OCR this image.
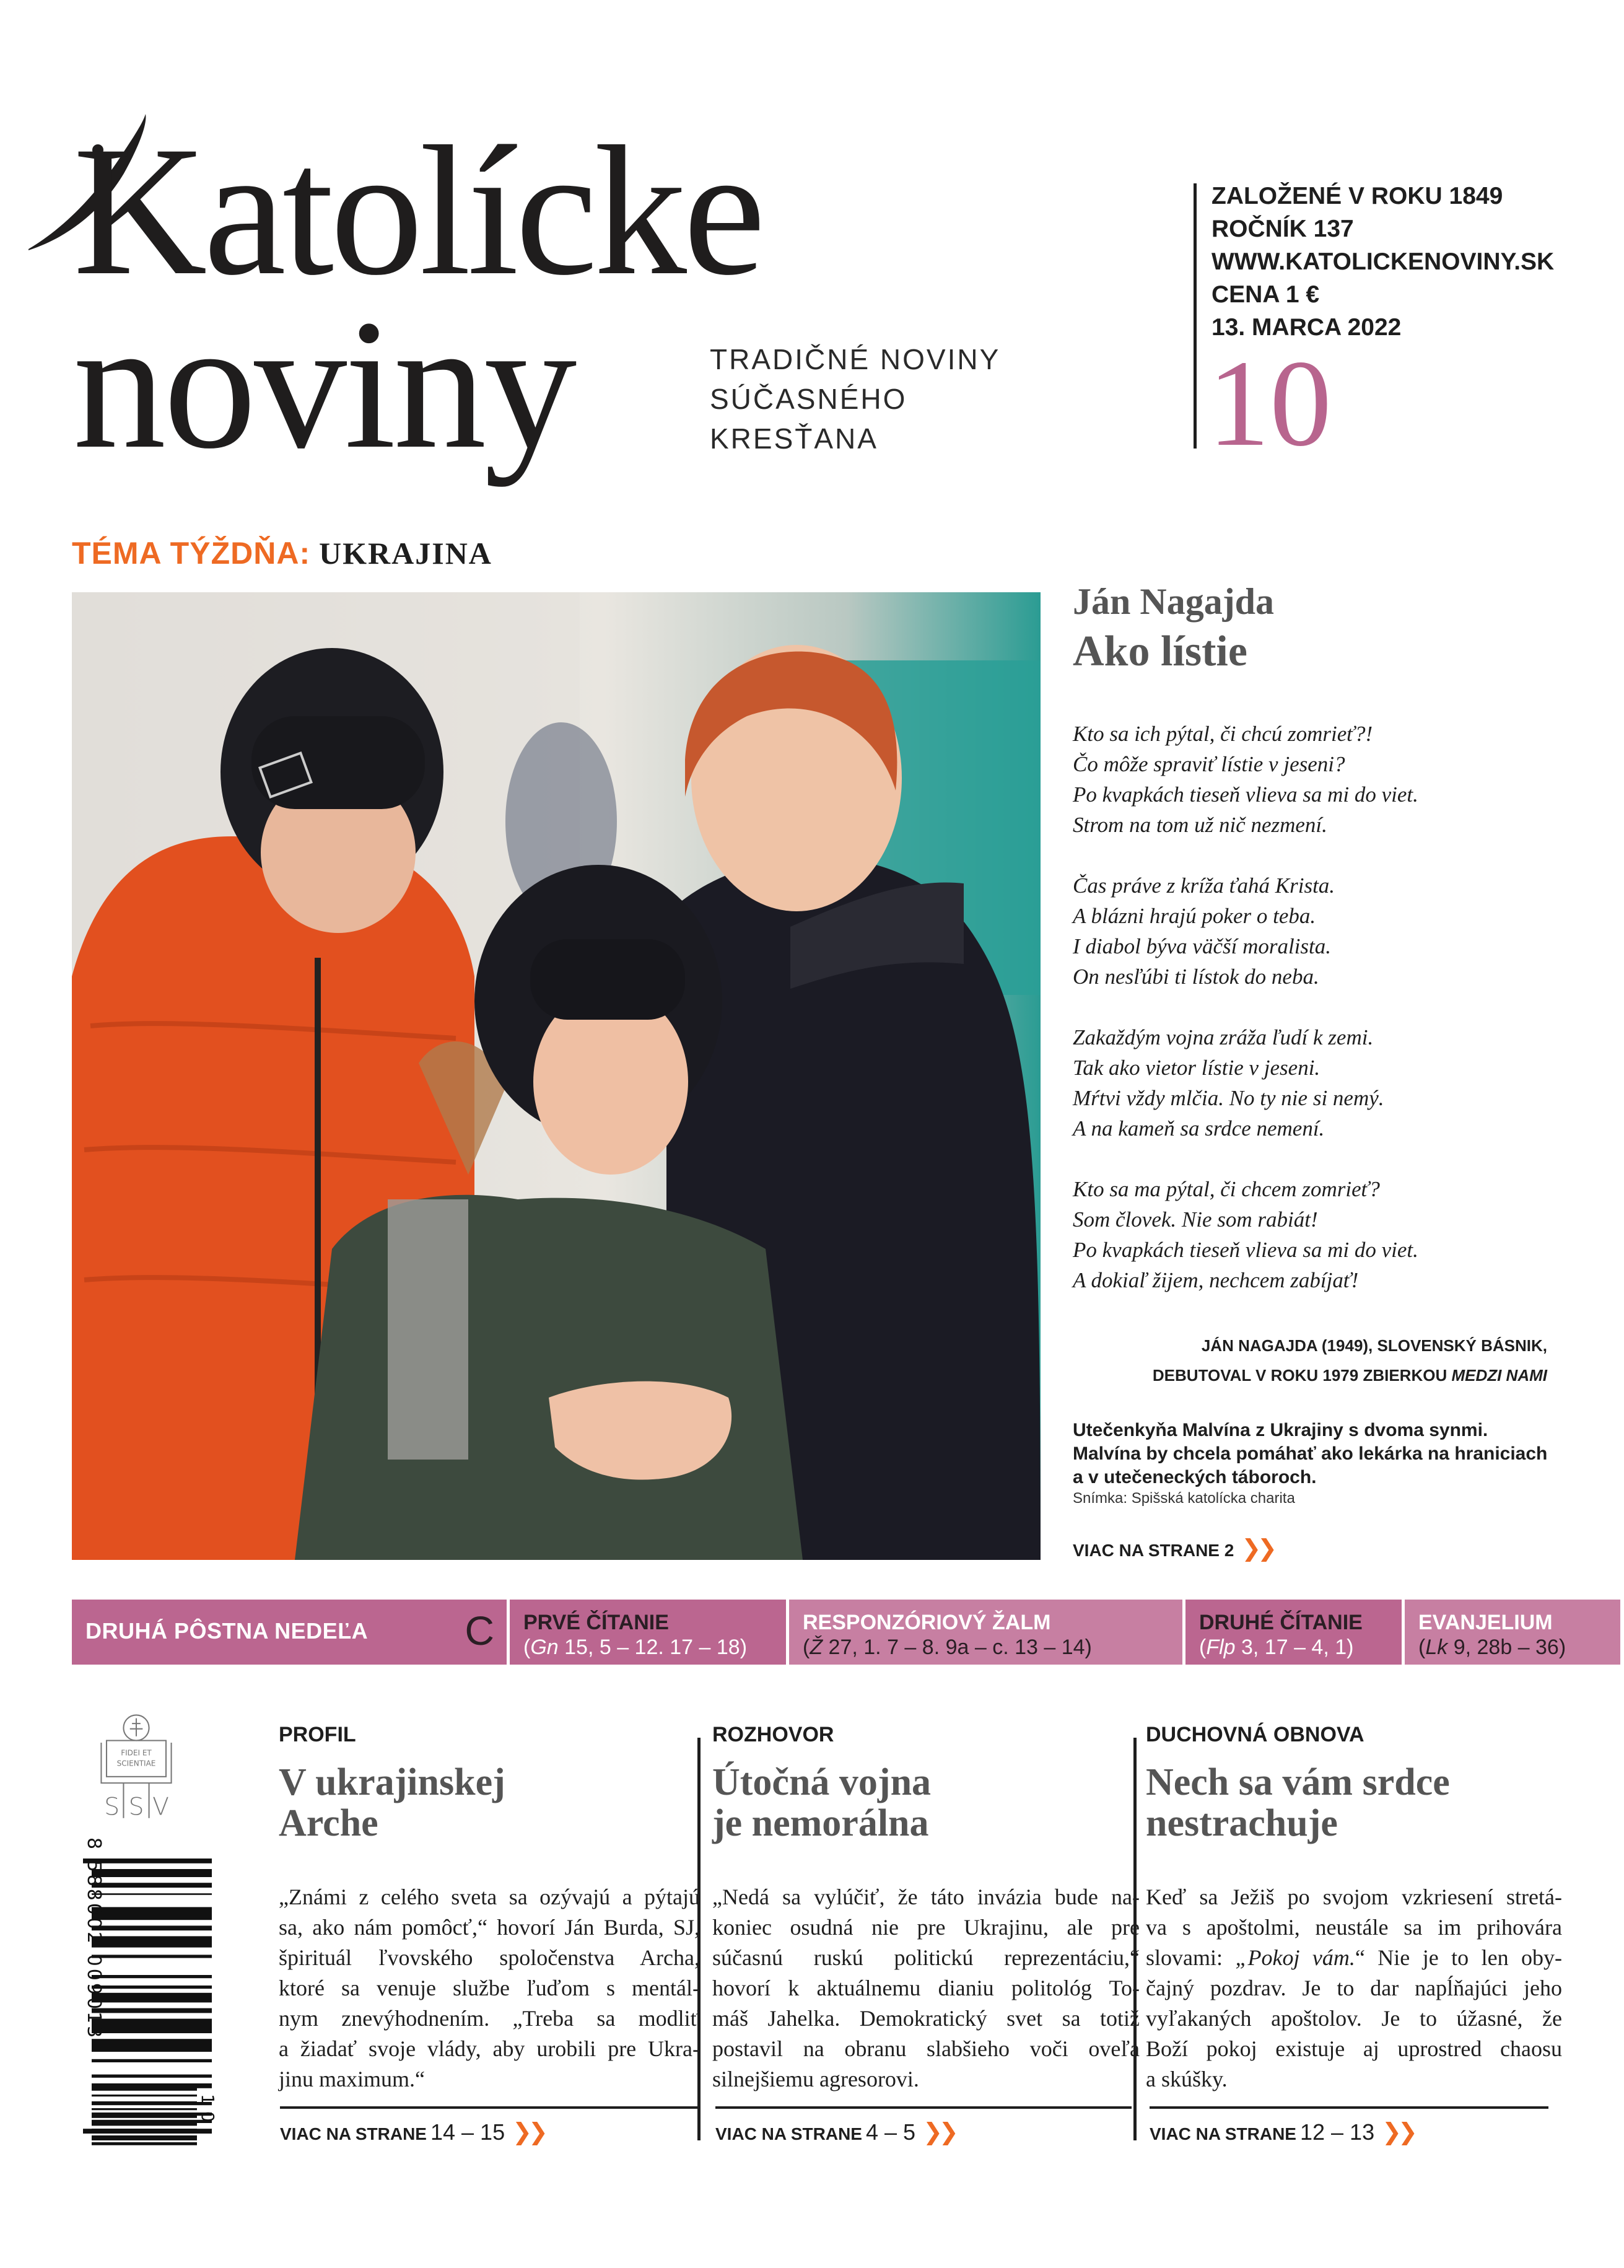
Katolícke
noviny	TRADIČNÉ NOVINY
SÚČASNÉHO
KRESŤANA
ZALOŽENÉ V ROKU 1849
ROČNÍK 137
WWW.KATOLICKENOVINY.SK
CENA 1 €
13. MARCA 2022
10
TÉMA TÝŽDŇA: UKRAJINA
Ján Nagajda
Ako lístie
Kto sa ich pýtal, či chcú zomrieť?!
Čo môže spraviť lístie v jeseni?
Po kvapkách tieseň vlieva sa mi do viet.
Strom na tom už nič nezmení.
Čas práve z kríža ťahá Krista.
A blázni hrajú poker o teba.
I diabol býva väčší moralista.
On nesľúbi ti lístok do neba.
Zakaždým vojna zráža ľudí k zemi.
Tak ako vietor lístie v jeseni.
Mŕtvi vždy mlčia. No ty nie si nemý.
A na kameň sa srdce nemení.
Kto sa ma pýtal, či chcem zomrieť?
Som človek. Nie som rabiát!
Po kvapkách tieseň vlieva sa mi do viet.
A dokiaľ žijem, nechcem zabíjať!
JÁN NAGAJDA (1949), SLOVENSKÝ BÁSNIK,
DEBUTOVAL V ROKU 1979 ZBIERKOU MEDZI NAMI
Utečenkyňa Malvína z Ukrajiny s dvoma synmi.
Malvína by chcela pomáhať ako lekárka na hraniciach
a v utečeneckých táboroch.
Snímka: Spišská katolícka charita
VIAC NA STRANE 2 ❯❯
DRUHÁ PÔSTNA NEDEĽA C PRVÉ ČÍTANIE
(Gn 15, 5 – 12. 17 – 18)
RESPONZÓRIOVÝ ŽALM
(Ž 27, 1. 7 – 8. 9a – c. 13 – 14)
DRUHÉ ČÍTANIE
(Flp 3, 17 – 4, 1)
EVANJELIUM
(Lk 9, 28b – 36)
FIDEI ET
SCIENTIAE
S S V
8 588002 009013
10
PROFIL
V ukrajinskej
Arche
„Známi z celého sveta sa ozývajú a pýtajú
sa, ako nám pomôcť,“ hovorí Ján Burda, SJ,
špirituál ľvovského spoločenstva Archa,
ktoré sa venuje službe ľuďom s mentál-
nym znevýhodnením. „Treba sa modliť
a žiadať svoje vlády, aby urobili pre Ukra-
jinu maximum.“
VIAC NA STRANE 14 – 15 ❯❯
ROZHOVOR
Útočná vojna
je nemorálna
„Nedá sa vylúčiť, že táto invázia bude na-
koniec osudná nie pre Ukrajinu, ale pre
súčasnú ruskú politickú reprezentáciu,“
hovorí k aktuálnemu dianiu politológ To-
máš Jahelka. Demokratický svet sa totiž
postavil na obranu slabšieho voči oveľa
silnejšiemu agresorovi.
VIAC NA STRANE 4 – 5 ❯❯
DUCHOVNÁ OBNOVA
Nech sa vám srdce
nestrachuje
Keď sa Ježiš po svojom vzkriesení stretá-
va s apoštolmi, neustále sa im prihovára
slovami: „Pokoj vám.“ Nie je to len oby-
čajný pozdrav. Je to dar napĺňajúci jeho
vyľakaných apoštolov. Je to úžasné, že
Boží pokoj existuje aj uprostred chaosu
a skúšky.
VIAC NA STRANE 12 – 13 ❯❯
